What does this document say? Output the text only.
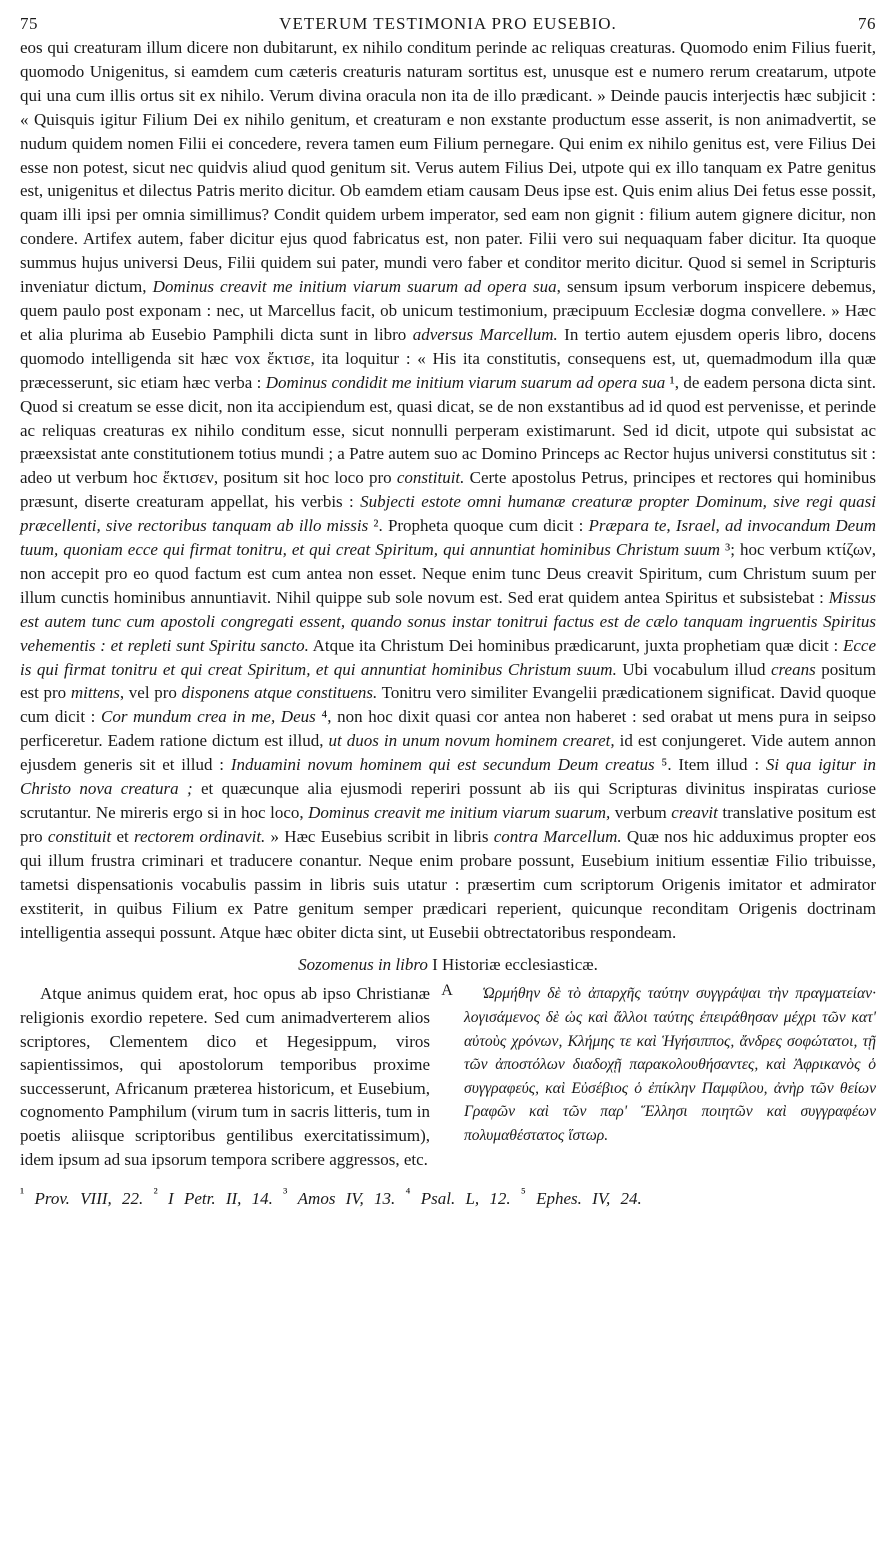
75	VETERUM TESTIMONIA PRO EUSEBIO.	76

eos qui creaturam illum dicere non dubitarunt, ex nihilo conditum perinde ac reliquas creaturas. Quomodo enim Filius fuerit, quomodo Unigenitus, si eamdem cum cæteris creaturis naturam sortitus est, unusque est e numero rerum creatarum, utpote qui una cum illis ortus sit ex nihilo. Verum divina oracula non ita de illo prædicant. » Deinde paucis interjectis hæc subjicit : « Quisquis igitur Filium Dei ex nihilo genitum, et creaturam e non exstante productum esse asserit, is non animadvertit, se nudum quidem nomen Filii ei concedere, revera tamen eum Filium pernegare. Qui enim ex nihilo genitus est, vere Filius Dei esse non potest, sicut nec quidvis aliud quod genitum sit. Verus autem Filius Dei, utpote qui ex illo tanquam ex Patre genitus est, unigenitus et dilectus Patris merito dicitur. Ob eamdem etiam causam Deus ipse est. Quis enim alius Dei fetus esse possit, quam illi ipsi per omnia simillimus? Condit quidem urbem imperator, sed eam non gignit : filium autem gignere dicitur, non condere. Artifex autem, faber dicitur ejus quod fabricatus est, non pater. Filii vero sui nequaquam faber dicitur. Ita quoque summus hujus universi Deus, Filii quidem sui pater, mundi vero faber et conditor merito dicitur. Quod si semel in Scripturis inveniatur dictum, Dominus creavit me initium viarum suarum ad opera sua, sensum ipsum verborum inspicere debemus, quem paulo post exponam : nec, ut Marcellus facit, ob unicum testimonium, præcipuum Ecclesiæ dogma convellere. » Hæc et alia plurima ab Eusebio Pamphili dicta sunt in libro adversus Marcellum. In tertio autem ejusdem operis libro, docens quomodo intelligenda sit hæc vox ἔκτισε, ita loquitur : « His ita constitutis, consequens est, ut, quemadmodum illa quæ præcesserunt, sic etiam hæc verba : Dominus condidit me initium viarum suarum ad opera sua ¹, de eadem persona dicta sint. Quod si creatum se esse dicit, non ita accipiendum est, quasi dicat, se de non exstantibus ad id quod est pervenisse, et perinde ac reliquas creaturas ex nihilo conditum esse, sicut nonnulli perperam existimarunt. Sed id dicit, utpote qui subsistat ac præexsistat ante constitutionem totius mundi ; a Patre autem suo ac Domino Princeps ac Rector hujus universi constitutus sit : adeo ut verbum hoc ἔκτισεν, positum sit hoc loco pro constituit. Certe apostolus Petrus, principes et rectores qui hominibus præsunt, diserte creaturam appellat, his verbis : Subjecti estote omni humanæ creaturæ propter Dominum, sive regi quasi præcellenti, sive rectoribus tanquam ab illo missis ². Propheta quoque cum dicit : Præpara te, Israel, ad invocandum Deum tuum, quoniam ecce qui firmat tonitru, et qui creat Spiritum, qui annuntiat hominibus Christum suum ³; hoc verbum κτίζων, non accepit pro eo quod factum est cum antea non esset. Neque enim tunc Deus creavit Spiritum, cum Christum suum per illum cunctis hominibus annuntiavit. Nihil quippe sub sole novum est. Sed erat quidem antea Spiritus et subsistebat : Missus est autem tunc cum apostoli congregati essent, quando sonus instar tonitrui factus est de cælo tanquam ingruentis Spiritus vehementis : et repleti sunt Spiritu sancto. Atque ita Christum Dei hominibus prædicarunt, juxta prophetiam quæ dicit : Ecce is qui firmat tonitru et qui creat Spiritum, et qui annuntiat hominibus Christum suum. Ubi vocabulum illud creans positum est pro mittens, vel pro disponens atque constituens. Tonitru vero similiter Evangelii prædicationem significat. David quoque cum dicit : Cor mundum crea in me, Deus ⁴, non hoc dixit quasi cor antea non haberet : sed orabat ut mens pura in seipso perficeretur. Eadem ratione dictum est illud, ut duos in unum novum hominem crearet, id est conjungeret. Vide autem annon ejusdem generis sit et illud : Induamini novum hominem qui est secundum Deum creatus ⁵. Item illud : Si qua igitur in Christo nova creatura ; et quæcunque alia ejusmodi reperiri possunt ab iis qui Scripturas divinitus inspiratas curiose scrutantur. Ne mireris ergo si in hoc loco, Dominus creavit me initium viarum suarum, verbum creavit translative positum est pro constituit et rectorem ordinavit. » Hæc Eusebius scribit in libris contra Marcellum. Quæ nos hic adduximus propter eos qui illum frustra criminari et traducere conantur. Neque enim probare possunt, Eusebium initium essentiæ Filio tribuisse, tametsi dispensationis vocabulis passim in libris suis utatur : præsertim cum scriptorum Origenis imitator et admirator exstiterit, in quibus Filium ex Patre genitum semper prædicari reperient, quicunque reconditam Origenis doctrinam intelligentia assequi possunt. Atque hæc obiter dicta sint, ut Eusebii obtrectatoribus respondeam.

Sozomenus in libro I Historiæ ecclesiasticæ.

Atque animus quidem erat, hoc opus ab ipso Christianæ religionis exordio repetere. Sed cum animadverterem alios scriptores, Clementem dico et Hegesippum, viros sapientissimos, qui apostolorum temporibus proxime successerunt, Africanum præterea historicum, et Eusebium, cognomento Pamphilum (virum tum in sacris litteris, tum in poetis aliisque scriptoribus gentilibus exercitatissimum), idem ipsum ad sua ipsorum tempora scribere aggressos, etc.

A	Ὡρμήθην δὲ τὸ ἀπαρχῆς ταύτην συγγράψαι τὴν πραγματείαν· λογισάμενος δὲ ὡς καὶ ἄλλοι ταύτης ἐπειράθησαν μέχρι τῶν κατ' αὐτοὺς χρόνων, Κλήμης τε καὶ Ἡγήσιππος, ἄνδρες σοφώτατοι, τῇ τῶν ἀποστόλων διαδοχῇ παρακολουθήσαντες, καὶ Ἀφρικανὸς ὁ συγγραφεύς, καὶ Εὐσέβιος ὁ ἐπίκλην Παμφίλου, ἀνὴρ τῶν θείων Γραφῶν καὶ τῶν παρ' Ἕλλησι ποιητῶν καὶ συγγραφέων πολυμαθέστατος ἵστωρ.

$^{^1}$ Prov. VIII, 22. $^{^2}$ I Petr. II, 14. $^{^3}$ Amos IV, 13. $^{^4}$ Psal. L, 12. $^{^5}$ Ephes. IV, 24.
